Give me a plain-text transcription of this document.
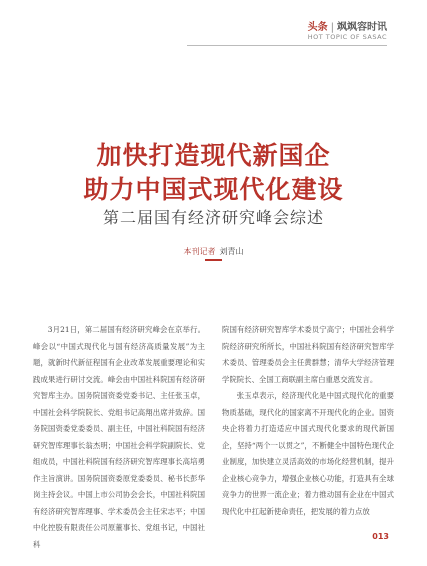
头条 | 飒飒容时讯
HOT TOPIC OF SASAC
加快打造现代新国企
助力中国式现代化建设
第二届国有经济研究峰会综述
本刊记者 刘青山

3月21日，第二届国有经济研究峰会在京举行。峰会以“中国式现代化与国有经济高质量发展”为主题，就新时代新征程国有企业改革发展重要理论和实践成果进行研讨交流。峰会由中国社科院国有经济研究智库主办。国务院国资委党委书记、主任张玉卓，中国社会科学院院长、党组书记高翔出席并致辞。国务院国资委党委委员、副主任，中国社科院国有经济研究智库理事长翁杰明；中国社会科学院副院长、党组成员，中国社科院国有经济研究智库理事长高培勇作主旨演讲。国务院国资委原党委委员、秘书长彭华岗主持会议。中国上市公司协会会长，中国社科院国有经济研究智库理事、学术委员会主任宋志平；中国中化控股有限责任公司原董事长、党组书记，中国社科

院国有经济研究智库学术委员宁高宁；中国社会科学院经济研究所所长，中国社科院国有经济研究智库学术委员、管理委员会主任黄群慧；清华大学经济管理学院院长、全国工商联副主席白重恩交流发言。

张玉卓表示，经济现代化是中国式现代化的重要物质基础，现代化的国家离不开现代化的企业。国资央企将着力打造适应中国式现代化要求的现代新国企，坚持“两个一以贯之”，不断健全中国特色现代企业制度，加快建立灵活高效的市场化经营机制，提升企业核心竞争力，增强企业核心功能，打造具有全球竞争力的世界一流企业；着力推动国有企业在中国式现代化中扛起新使命责任，把发展的着力点放

013
